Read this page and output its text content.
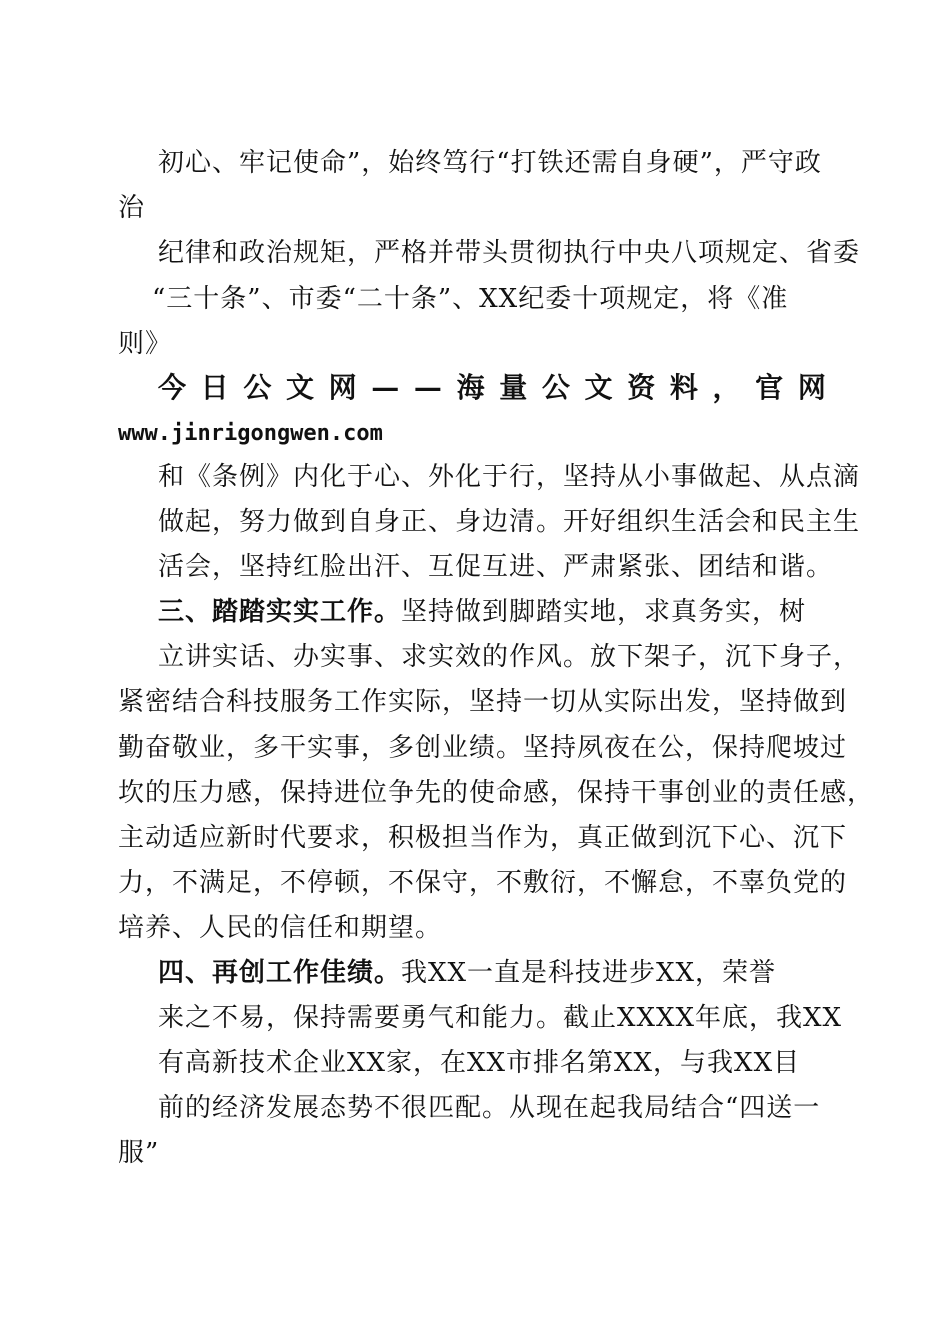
初心、牢记使命”，始终笃行“打铁还需自身硬”，严守政
治
纪律和政治规矩，严格并带头贯彻执行中央八项规定、省委
“三十条”、市委“二十条”、XX纪委十项规定，将《准
则》
今 日 公 文 网 — — 海 量 公 文 资 料 ， 官 网
www.jinrigongwen.com
和《条例》内化于心、外化于行，坚持从小事做起、从点滴
做起，努力做到自身正、身边清。开好组织生活会和民主生
活会，坚持红脸出汗、互促互进、严肃紧张、团结和谐。
三、踏踏实实工作。坚持做到脚踏实地，求真务实，树
立讲实话、办实事、求实效的作风。放下架子，沉下身子，
紧密结合科技服务工作实际，坚持一切从实际出发，坚持做到
勤奋敬业，多干实事，多创业绩。坚持夙夜在公，保持爬坡过
坎的压力感，保持进位争先的使命感，保持干事创业的责任感，
主动适应新时代要求，积极担当作为，真正做到沉下心、沉下
力，不满足，不停顿，不保守，不敷衍，不懈怠，不辜负党的
培养、人民的信任和期望。
四、再创工作佳绩。我XX一直是科技进步XX，荣誉
来之不易，保持需要勇气和能力。截止XXXX年底，我XX
有高新技术企业XX家，在XX市排名第XX，与我XX目
前的经济发展态势不很匹配。从现在起我局结合“四送一
服”
